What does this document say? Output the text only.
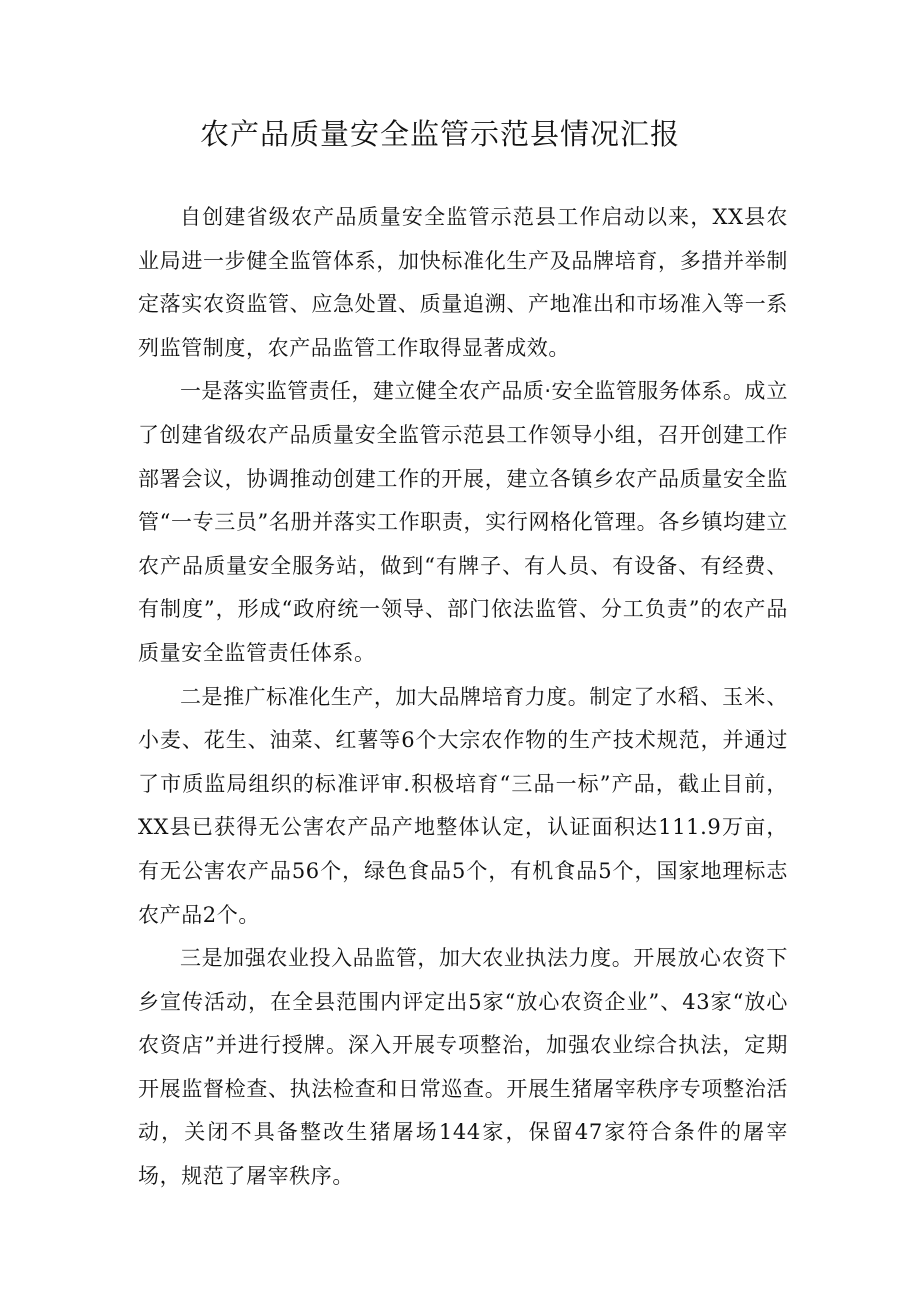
农产品质量安全监管示范县情况汇报

自创建省级农产品质量安全监管示范县工作启动以来，XX县农业局进一步健全监管体系，加快标准化生产及品牌培育，多措并举制定落实农资监管、应急处置、质量追溯、产地准出和市场准入等一系列监管制度，农产品监管工作取得显著成效。

一是落实监管责任，建立健全农产品质·安全监管服务体系。成立了创建省级农产品质量安全监管示范县工作领导小组，召开创建工作部署会议，协调推动创建工作的开展，建立各镇乡农产品质量安全监管“一专三员”名册并落实工作职责，实行网格化管理。各乡镇均建立农产品质量安全服务站，做到“有牌子、有人员、有设备、有经费、有制度”，形成“政府统一领导、部门依法监管、分工负责”的农产品质量安全监管责任体系。

二是推广标准化生产，加大品牌培育力度。制定了水稻、玉米、小麦、花生、油菜、红薯等6个大宗农作物的生产技术规范，并通过了市质监局组织的标准评审.积极培育“三品一标”产品，截止目前，XX县已获得无公害农产品产地整体认定，认证面积达111.9万亩，有无公害农产品56个，绿色食品5个，有机食品5个，国家地理标志农产品2个。

三是加强农业投入品监管，加大农业执法力度。开展放心农资下乡宣传活动，在全县范围内评定出5家“放心农资企业”、43家“放心农资店”并进行授牌。深入开展专项整治，加强农业综合执法，定期开展监督检查、执法检查和日常巡查。开展生猪屠宰秩序专项整治活动，关闭不具备整改生猪屠场144家，保留47家符合条件的屠宰场，规范了屠宰秩序。
